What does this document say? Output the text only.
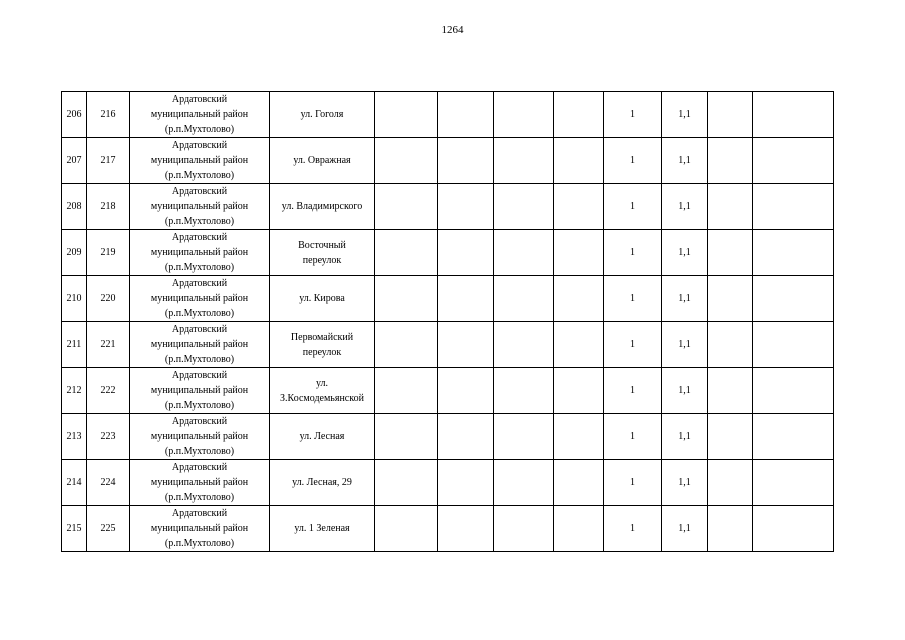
1264
206	216	Ардатовский
муниципальный район
(р.п.Мухтолово)	ул. Гоголя					1	1,1		
207	217	Ардатовский
муниципальный район
(р.п.Мухтолово)	ул. Овражная					1	1,1		
208	218	Ардатовский
муниципальный район
(р.п.Мухтолово)	ул. Владимирского					1	1,1		
209	219	Ардатовский
муниципальный район
(р.п.Мухтолово)	Восточный
переулок					1	1,1		
210	220	Ардатовский
муниципальный район
(р.п.Мухтолово)	ул. Кирова					1	1,1		
211	221	Ардатовский
муниципальный район
(р.п.Мухтолово)	Первомайский
переулок					1	1,1		
212	222	Ардатовский
муниципальный район
(р.п.Мухтолово)	ул.
З.Космодемьянской					1	1,1		
213	223	Ардатовский
муниципальный район
(р.п.Мухтолово)	ул. Лесная					1	1,1		
214	224	Ардатовский
муниципальный район
(р.п.Мухтолово)	ул. Лесная, 29					1	1,1		
215	225	Ардатовский
муниципальный район
(р.п.Мухтолово)	ул. 1 Зеленая					1	1,1		
